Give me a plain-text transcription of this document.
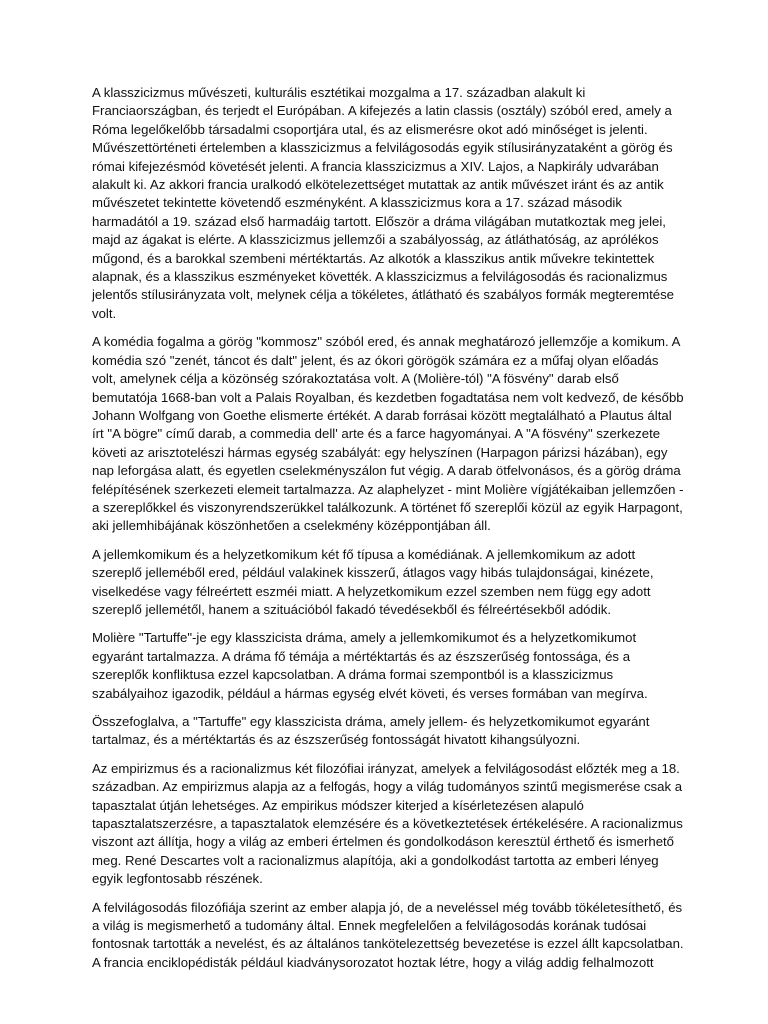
A klasszicizmus művészeti, kulturális esztétikai mozgalma a 17. században alakult ki Franciaországban, és terjedt el Európában. A kifejezés a latin classis (osztály) szóból ered, amely a Róma legelőkelőbb társadalmi csoportjára utal, és az elismerésre okot adó minőséget is jelenti. Művészettörténeti értelemben a klasszicizmus a felvilágosodás egyik stílusirányzataként a görög és római kifejezésmód követését jelenti. A francia klasszicizmus a XIV. Lajos, a Napkirály udvarában alakult ki. Az akkori francia uralkodó elkötelezettséget mutattak az antik művészet iránt és az antik művészetet tekintette követendő eszményként. A klasszicizmus kora a 17. század második harmadától a 19. század első harmadáig tartott. Először a dráma világában mutatkoztak meg jelei, majd az ágakat is elérte. A klasszicizmus jellemzői a szabályosság, az átláthatóság, az aprólékos műgond, és a barokkal szembeni mértéktartás. Az alkotók a klasszikus antik művekre tekintettek alapnak, és a klasszikus eszményeket követték. A klasszicizmus a felvilágosodás és racionalizmus jelentős stílusirányzata volt, melynek célja a tökéletes, átlátható és szabályos formák megteremtése volt.

A komédia fogalma a görög "kommosz" szóból ered, és annak meghatározó jellemzője a komikum. A komédia szó "zenét, táncot és dalt" jelent, és az ókori görögök számára ez a műfaj olyan előadás volt, amelynek célja a közönség szórakoztatása volt. A (Molière-tól) "A fösvény" darab első bemutatója 1668-ban volt a Palais Royalban, és kezdetben fogadtatása nem volt kedvező, de később Johann Wolfgang von Goethe elismerte értékét. A darab forrásai között megtalálható a Plautus által írt "A bögre" című darab, a commedia dell' arte és a farce hagyományai. A "A fösvény" szerkezete követi az arisztotelészi hármas egység szabályát: egy helyszínen (Harpagon párizsi házában), egy nap leforgása alatt, és egyetlen cselekményszálon fut végig. A darab ötfelvonásos, és a görög dráma felépítésének szerkezeti elemeit tartalmazza. Az alaphelyzet - mint Molière vígjátékaiban jellemzően - a szereplőkkel és viszonyrendszerükkel találkozunk. A történet fő szereplői közül az egyik Harpagont, aki jellemhibájának köszönhetően a cselekmény középpontjában áll.

A jellemkomikum és a helyzetkomikum két fő típusa a komédiának. A jellemkomikum az adott szereplő jelleméből ered, például valakinek kisszerű, átlagos vagy hibás tulajdonságai, kinézete, viselkedése vagy félreértett eszméi miatt. A helyzetkomikum ezzel szemben nem függ egy adott szereplő jellemétől, hanem a szituációból fakadó tévedésekből és félreértésekből adódik.

Molière "Tartuffe"-je egy klasszicista dráma, amely a jellemkomikumot és a helyzetkomikumot egyaránt tartalmazza. A dráma fő témája a mértéktartás és az észszerűség fontossága, és a szereplők konfliktusa ezzel kapcsolatban. A dráma formai szempontból is a klasszicizmus szabályaihoz igazodik, például a hármas egység elvét követi, és verses formában van megírva.

Összefoglalva, a "Tartuffe" egy klasszicista dráma, amely jellem- és helyzetkomikumot egyaránt tartalmaz, és a mértéktartás és az észszerűség fontosságát hivatott kihangsúlyozni.

Az empirizmus és a racionalizmus két filozófiai irányzat, amelyek a felvilágosodást előzték meg a 18. században. Az empirizmus alapja az a felfogás, hogy a világ tudományos szintű megismerése csak a tapasztalat útján lehetséges. Az empirikus módszer kiterjed a kísérletezésen alapuló tapasztalatszerzésre, a tapasztalatok elemzésére és a következtetések értékelésére. A racionalizmus viszont azt állítja, hogy a világ az emberi értelmen és gondolkodáson keresztül érthető és ismerhető meg. René Descartes volt a racionalizmus alapítója, aki a gondolkodást tartotta az emberi lényeg egyik legfontosabb részének.

A felvilágosodás filozófiája szerint az ember alapja jó, de a neveléssel még tovább tökéletesíthető, és a világ is megismerhető a tudomány által. Ennek megfelelően a felvilágosodás korának tudósai fontosnak tartották a nevelést, és az általános tankötelezettség bevezetése is ezzel állt kapcsolatban. A francia enciklopédisták például kiadványsorozatot hoztak létre, hogy a világ addig felhalmozott
